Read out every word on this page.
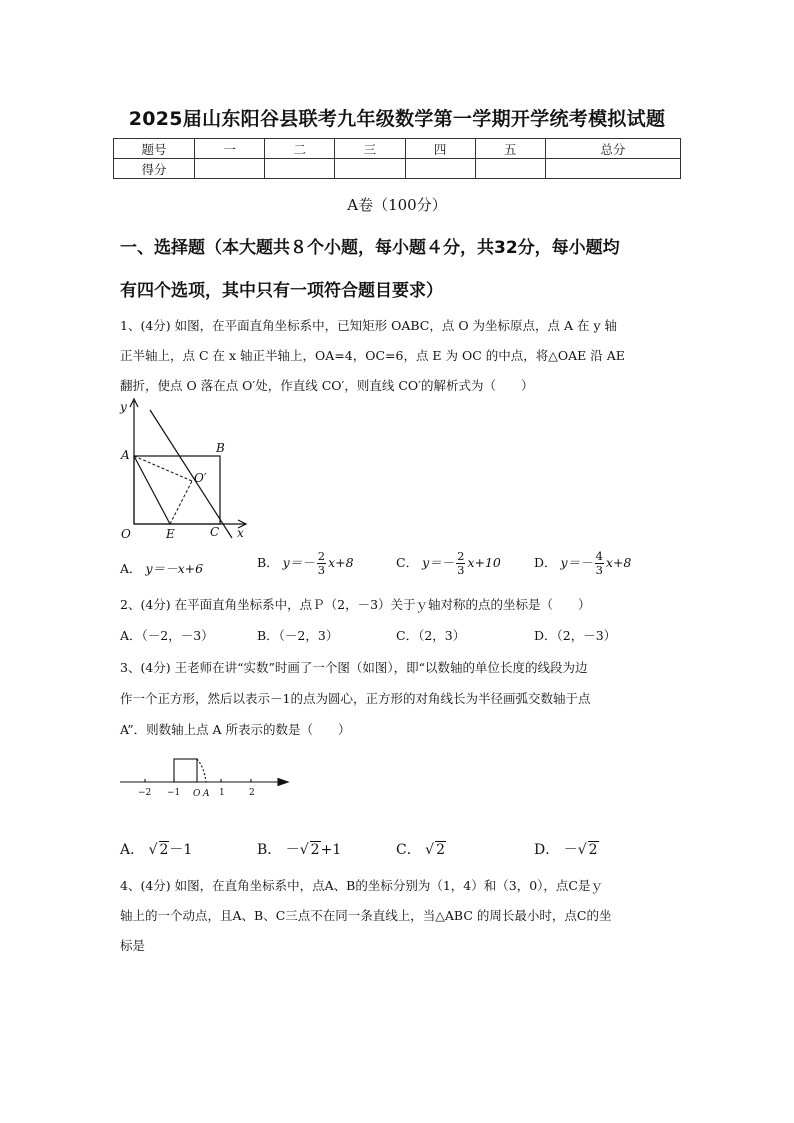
2025届山东阳谷县联考九年级数学第一学期开学统考模拟试题
题号	一	二	三	四	五	总分
得分						
A卷（100分）
一、选择题（本大题共８个小题，每小题４分，共32分，每小题均
有四个选项，其中只有一项符合题目要求）
1、(4分) 如图，在平面直角坐标系中，已知矩形 OABC，点 O 为坐标原点，点 A 在 y 轴
正半轴上，点 C 在 x 轴正半轴上，OA=4，OC=6，点 E 为 OC 的中点，将△OAE 沿 AE
翻折，使点 O 落在点 O′处，作直线 CO′，则直线 CO′的解析式为（　　）
y
A	B
O′
O	E	C x
A． y＝－x+6	B． $y=- \frac{2}{3} x+8$	C． $y=- \frac{2}{3} x+10$	D． $y=- \frac{4}{3} x+8$
2、(4分) 在平面直角坐标系中，点Ｐ（2，－3）关于ｙ轴对称的点的坐标是（　　）
A．（－2，－3）	B．（－2，3）	C．（2，3）	D．（2，－3）
3、(4分) 王老师在讲“实数”时画了一个图（如图），即“以数轴的单位长度的线段为边
作一个正方形，然后以表示－1的点为圆心，正方形的对角线长为半径画弧交数轴于点
A”．则数轴上点 A 所表示的数是（　　）
−2 −1 O A 1	2
A． √ 2－1	B． －√ 2+1	C． √ 2	D． －√ 2
4、(4分) 如图，在直角坐标系中，点A、B的坐标分别为（1，4）和（3，0），点C是ｙ
轴上的一个动点，且A、B、C三点不在同一条直线上，当△ABC 的周长最小时，点C的坐
标是
